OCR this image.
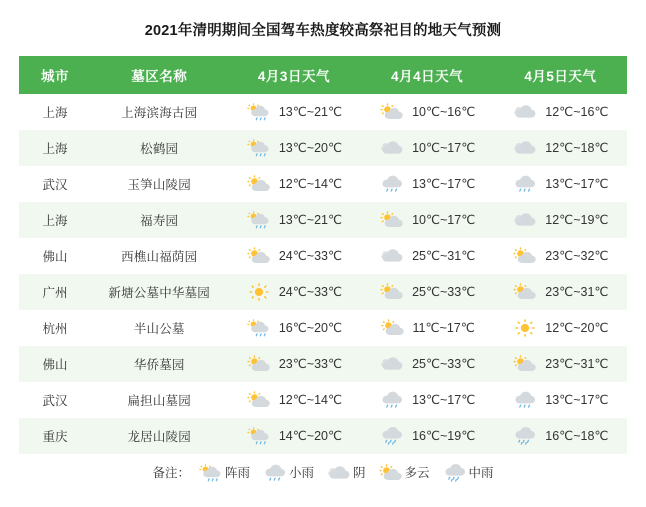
2021年清明期间全国驾车热度较高祭祀目的地天气预测
城市	墓区名称	4月3日天气	4月4日天气	4月5日天气
上海	上海滨海古园	13℃~21℃	10℃~16℃	12℃~16℃

上海	松鹤园	13℃~20℃	10℃~17℃	12℃~18℃

武汉	玉笋山陵园	12℃~14℃	13℃~17℃	13℃~17℃

上海	福寿园	13℃~21℃	10℃~17℃	12℃~19℃

佛山	西樵山福荫园	24℃~33℃	25℃~31℃	23℃~32℃

广州	新塘公墓中华墓园	24℃~33℃	25℃~33℃	23℃~31℃

杭州	半山公墓	16℃~20℃	11℃~17℃	12℃~20℃

佛山	华侨墓园	23℃~33℃	25℃~33℃	23℃~31℃

武汉	扁担山墓园	12℃~14℃	13℃~17℃	13℃~17℃

重庆	龙居山陵园	14℃~20℃	16℃~19℃	16℃~18℃
备注：	阵雨	小雨	阴	多云	中雨
